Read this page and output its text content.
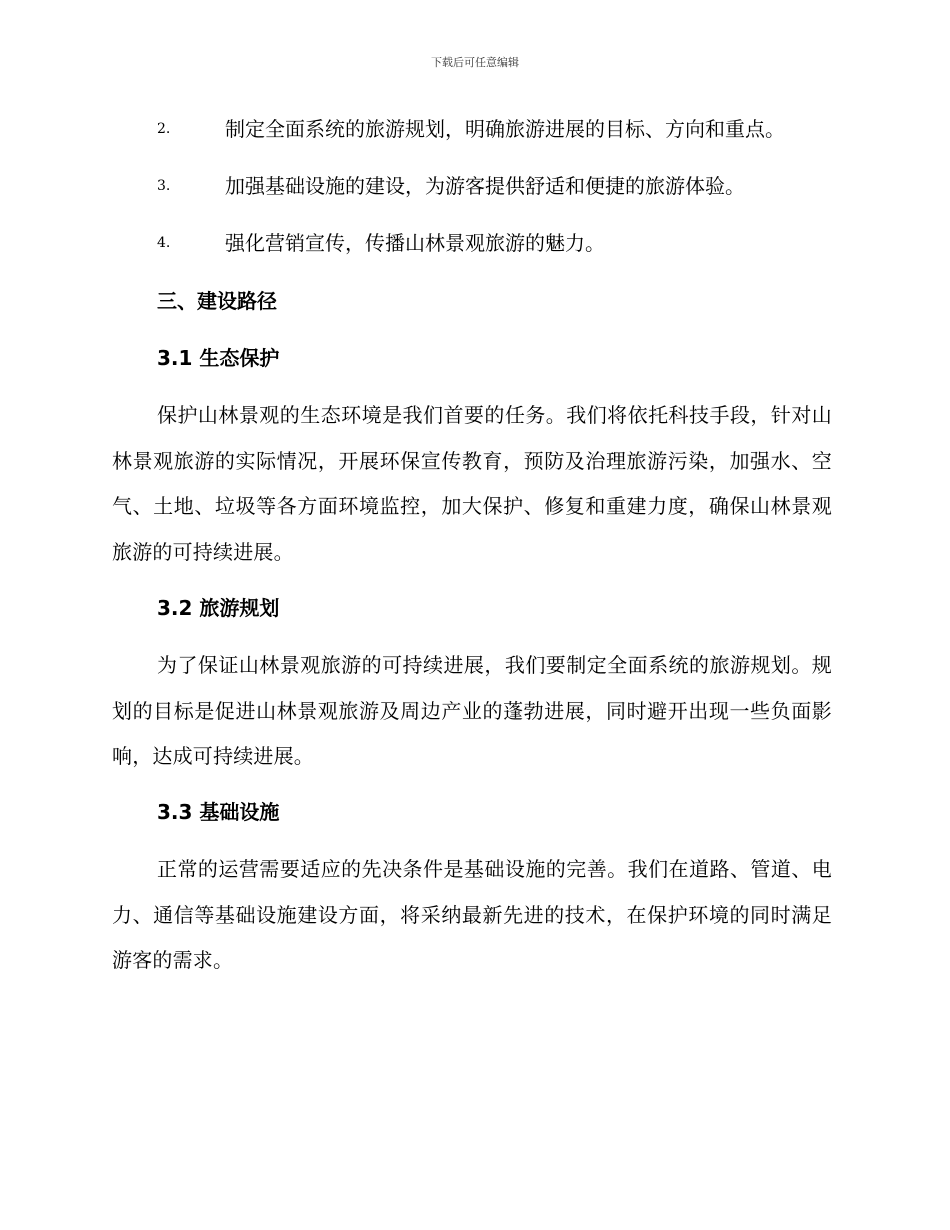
下载后可任意编辑
2.	制定全面系统的旅游规划，明确旅游进展的目标、方向和重点。
3.	加强基础设施的建设，为游客提供舒适和便捷的旅游体验。
4.	强化营销宣传，传播山林景观旅游的魅力。
三、建设路径
3.1 生态保护

保护山林景观的生态环境是我们首要的任务。我们将依托科技手段，针对山林景观旅游的实际情况，开展环保宣传教育，预防及治理旅游污染，加强水、空气、土地、垃圾等各方面环境监控，加大保护、修复和重建力度，确保山林景观旅游的可持续进展。

3.2 旅游规划

为了保证山林景观旅游的可持续进展，我们要制定全面系统的旅游规划。规划的目标是促进山林景观旅游及周边产业的蓬勃进展，同时避开出现一些负面影响，达成可持续进展。

3.3 基础设施

正常的运营需要适应的先决条件是基础设施的完善。我们在道路、管道、电力、通信等基础设施建设方面，将采纳最新先进的技术，在保护环境的同时满足游客的需求。
